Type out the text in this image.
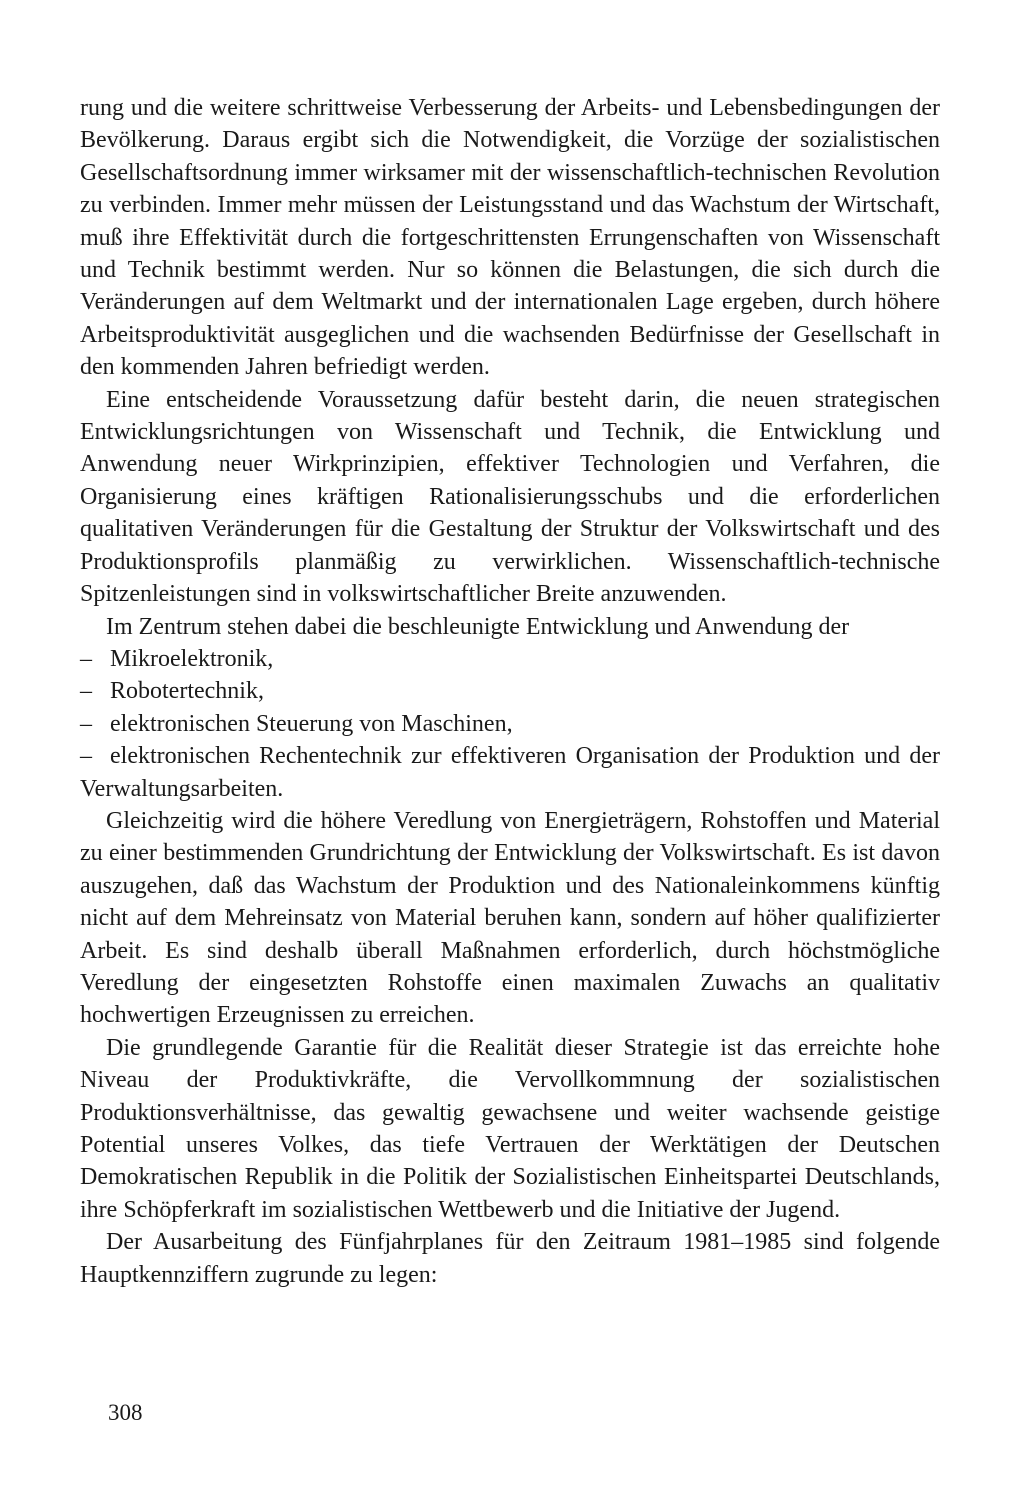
rung und die weitere schrittweise Verbesserung der Arbeits- und Lebensbedingungen der Bevölkerung. Daraus ergibt sich die Notwendigkeit, die Vorzüge der sozialistischen Gesellschaftsordnung immer wirksamer mit der wissenschaftlich-technischen Revolution zu verbinden. Immer mehr müssen der Leistungsstand und das Wachstum der Wirtschaft, muß ihre Effektivität durch die fortgeschrittensten Errungenschaften von Wissenschaft und Technik bestimmt werden. Nur so können die Belastungen, die sich durch die Veränderungen auf dem Weltmarkt und der internationalen Lage ergeben, durch höhere Arbeitsproduktivität ausgeglichen und die wachsenden Bedürfnisse der Gesellschaft in den kommenden Jahren befriedigt werden.

Eine entscheidende Voraussetzung dafür besteht darin, die neuen strategischen Entwicklungsrichtungen von Wissenschaft und Technik, die Entwicklung und Anwendung neuer Wirkprinzipien, effektiver Technologien und Verfahren, die Organisierung eines kräftigen Rationalisierungsschubs und die erforderlichen qualitativen Veränderungen für die Gestaltung der Struktur der Volkswirtschaft und des Produktionsprofils planmäßig zu verwirklichen. Wissenschaftlich-technische Spitzenleistungen sind in volkswirtschaftlicher Breite anzuwenden.

Im Zentrum stehen dabei die beschleunigte Entwicklung und Anwendung der

– Mikroelektronik,
– Robotertechnik,
– elektronischen Steuerung von Maschinen,
– elektronischen Rechentechnik zur effektiveren Organisation der Produktion und der Verwaltungsarbeiten.

Gleichzeitig wird die höhere Veredlung von Energieträgern, Rohstoffen und Material zu einer bestimmenden Grundrichtung der Entwicklung der Volkswirtschaft. Es ist davon auszugehen, daß das Wachstum der Produktion und des Nationaleinkommens künftig nicht auf dem Mehreinsatz von Material beruhen kann, sondern auf höher qualifizierter Arbeit. Es sind deshalb überall Maßnahmen erforderlich, durch höchstmögliche Veredlung der eingesetzten Rohstoffe einen maximalen Zuwachs an qualitativ hochwertigen Erzeugnissen zu erreichen.

Die grundlegende Garantie für die Realität dieser Strategie ist das erreichte hohe Niveau der Produktivkräfte, die Vervollkommnung der sozialistischen Produktionsverhältnisse, das gewaltig gewachsene und weiter wachsende geistige Potential unseres Volkes, das tiefe Vertrauen der Werktätigen der Deutschen Demokratischen Republik in die Politik der Sozialistischen Einheitspartei Deutschlands, ihre Schöpferkraft im sozialistischen Wettbewerb und die Initiative der Jugend.

Der Ausarbeitung des Fünfjahrplanes für den Zeitraum 1981–1985 sind folgende Hauptkennziffern zugrunde zu legen:

308
